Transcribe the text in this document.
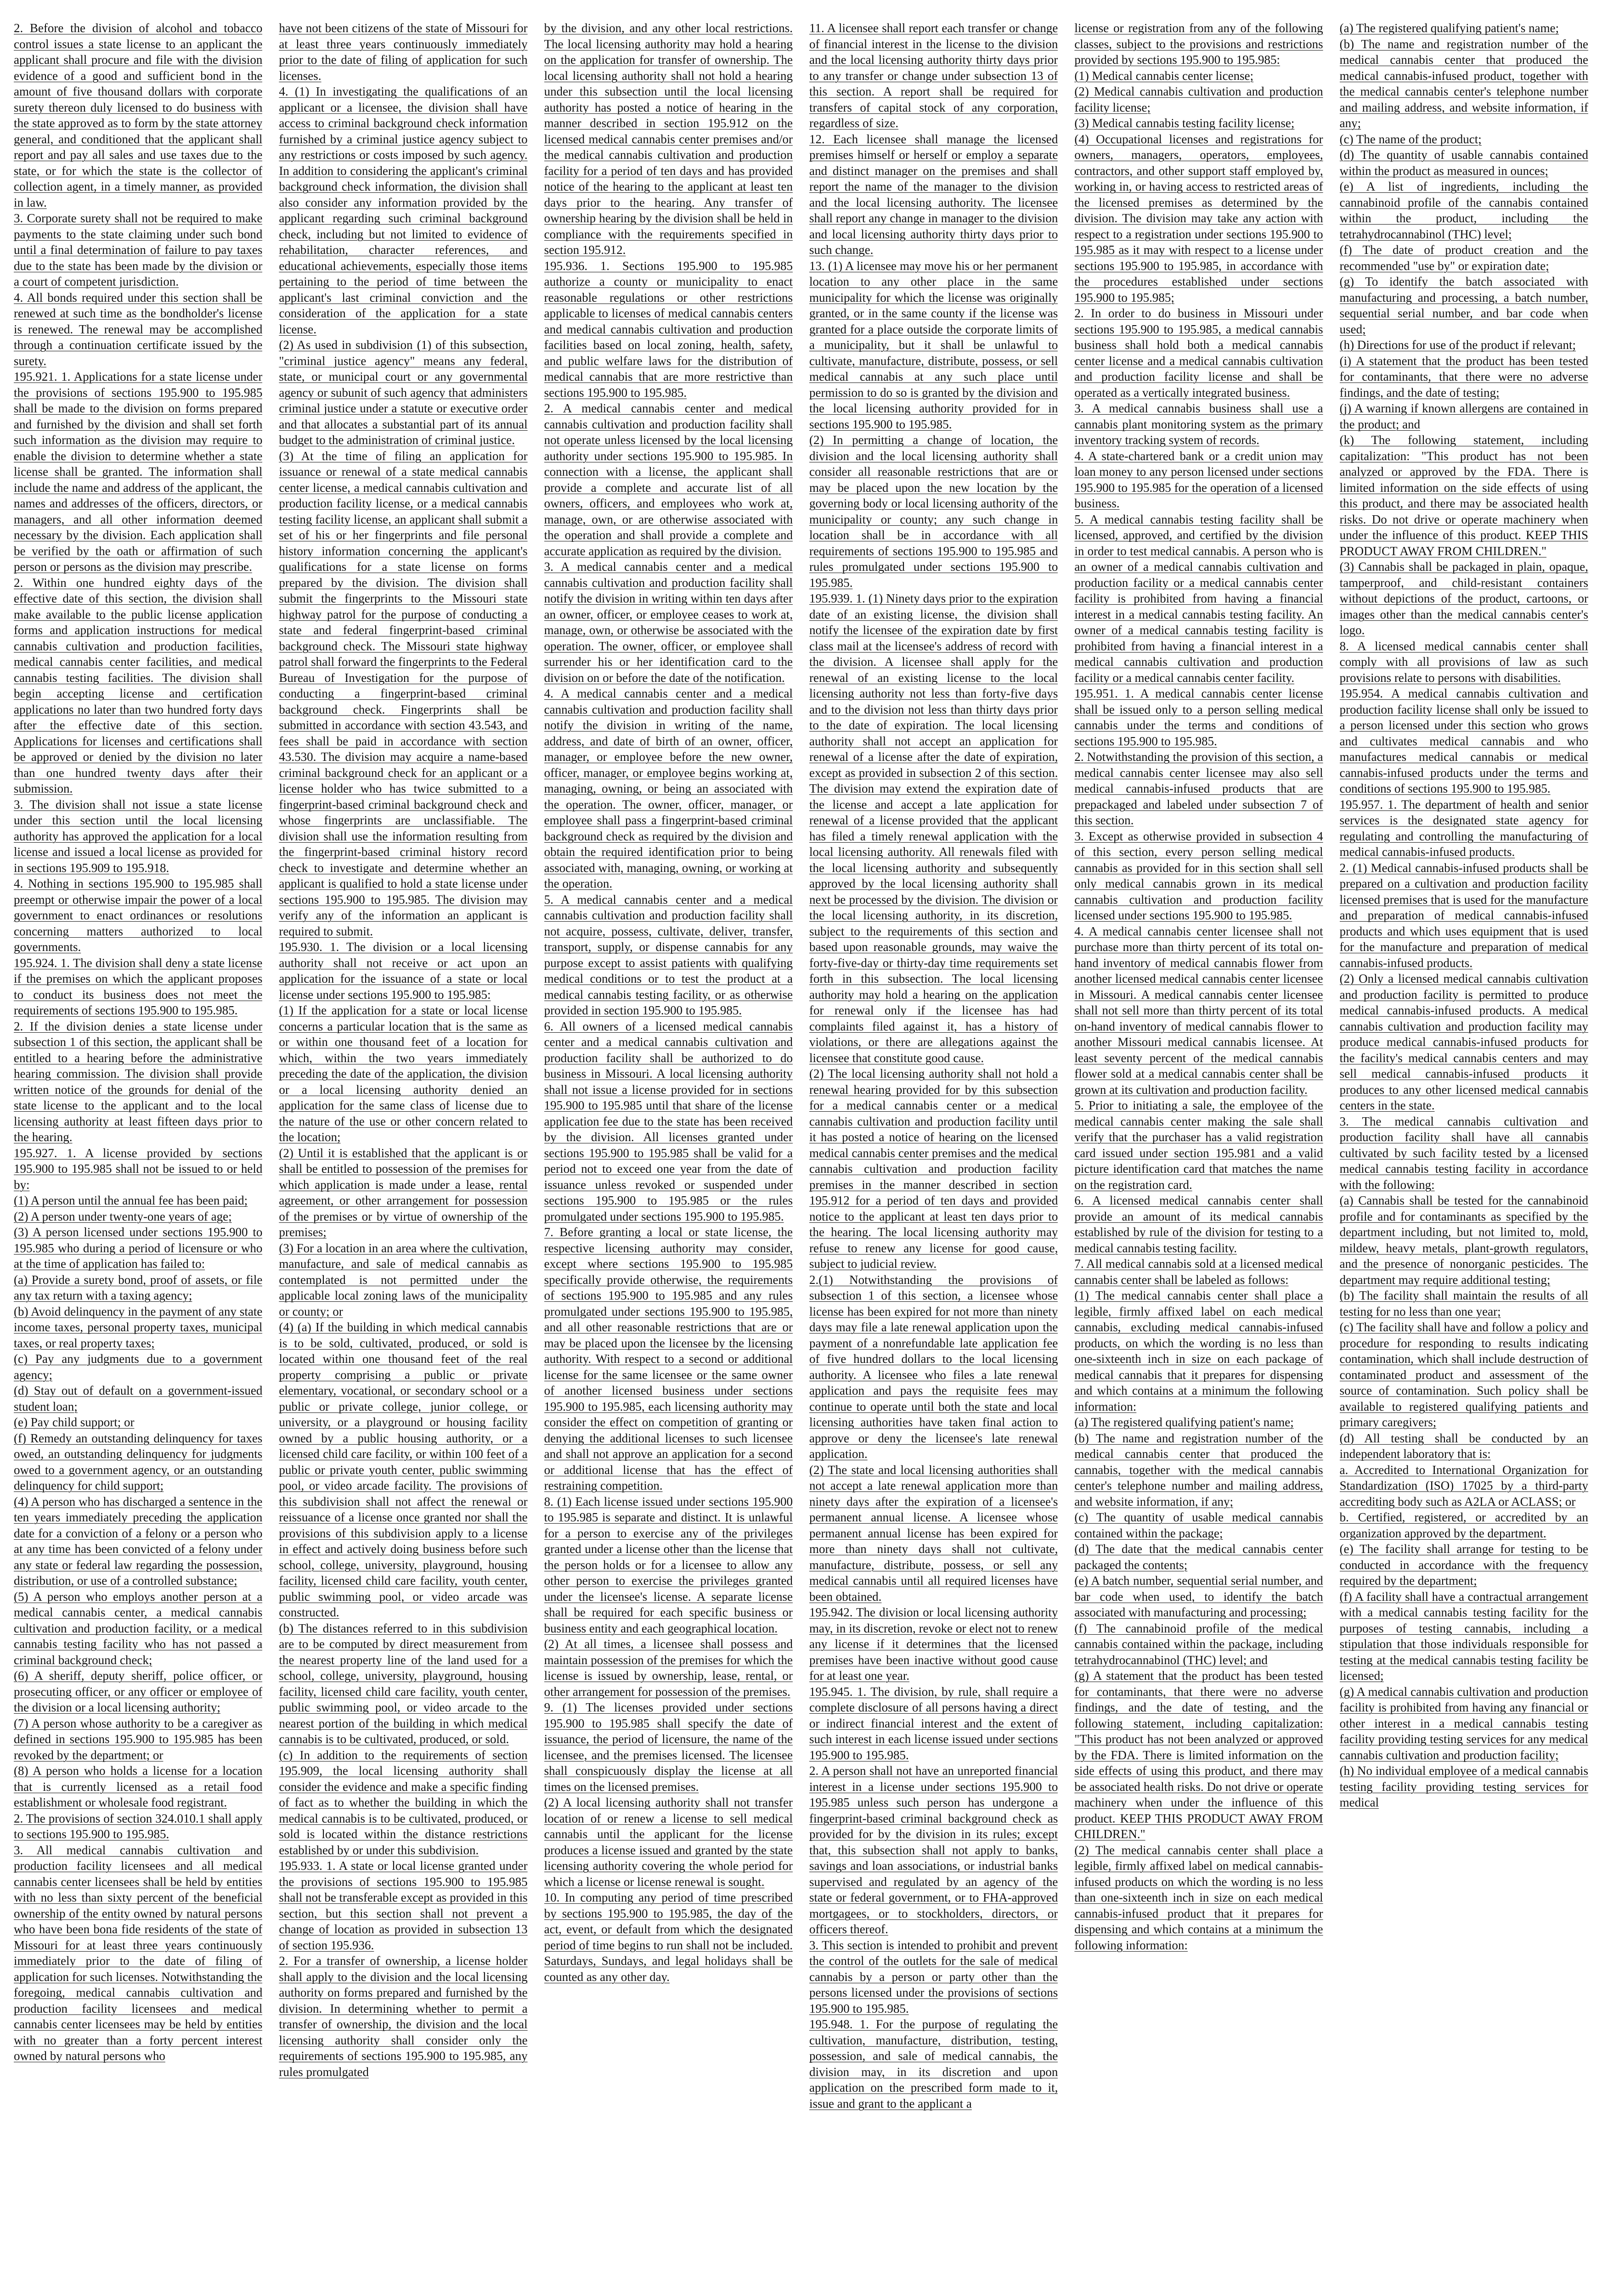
2. Before the division of alcohol and tobacco control issues a state license to an applicant the applicant shall procure and file with the division evidence of a good and sufficient bond in the amount of five thousand dollars with corporate surety thereon duly licensed to do business with the state approved as to form by the state attorney general, and conditioned that the applicant shall report and pay all sales and use taxes due to the state, or for which the state is the collector of collection agent, in a timely manner, as provided in law.

3. Corporate surety shall not be required to make payments to the state claiming under such bond until a final determination of failure to pay taxes due to the state has been made by the division or a court of competent jurisdiction.

4. All bonds required under this section shall be renewed at such time as the bondholder's license is renewed. The renewal may be accomplished through a continuation certificate issued by the surety.

195.921. 1. Applications for a state license under the provisions of sections 195.900 to 195.985 shall be made to the division on forms prepared and furnished by the division and shall set forth such information as the division may require to enable the division to determine whether a state license shall be granted. The information shall include the name and address of the applicant, the names and addresses of the officers, directors, or managers, and all other information deemed necessary by the division. Each application shall be verified by the oath or affirmation of such person or persons as the division may prescribe.

2. Within one hundred eighty days of the effective date of this section, the division shall make available to the public license application forms and application instructions for medical cannabis cultivation and production facilities, medical cannabis center facilities, and medical cannabis testing facilities. The division shall begin accepting license and certification applications no later than two hundred forty days after the effective date of this section. Applications for licenses and certifications shall be approved or denied by the division no later than one hundred twenty days after their submission.

3. The division shall not issue a state license under this section until the local licensing authority has approved the application for a local license and issued a local license as provided for in sections 195.909 to 195.918.

4. Nothing in sections 195.900 to 195.985 shall preempt or otherwise impair the power of a local government to enact ordinances or resolutions concerning matters authorized to local governments.

195.924. 1. The division shall deny a state license if the premises on which the applicant proposes to conduct its business does not meet the requirements of sections 195.900 to 195.985.

2. If the division denies a state license under subsection 1 of this section, the applicant shall be entitled to a hearing before the administrative hearing commission. The division shall provide written notice of the grounds for denial of the state license to the applicant and to the local licensing authority at least fifteen days prior to the hearing.

195.927. 1. A license provided by sections 195.900 to 195.985 shall not be issued to or held by:

(1) A person until the annual fee has been paid;

(2) A person under twenty-one years of age;

(3) A person licensed under sections 195.900 to 195.985 who during a period of licensure or who at the time of application has failed to:

(a) Provide a surety bond, proof of assets, or file any tax return with a taxing agency;

(b) Avoid delinquency in the payment of any state income taxes, personal property taxes, municipal taxes, or real property taxes;

(c) Pay any judgments due to a government agency;

(d) Stay out of default on a government-issued student loan;

(e) Pay child support; or

(f) Remedy an outstanding delinquency for taxes owed, an outstanding delinquency for judgments owed to a government agency, or an outstanding delinquency for child support;

(4) A person who has discharged a sentence in the ten years immediately preceding the application date for a conviction of a felony or a person who at any time has been convicted of a felony under any state or federal law regarding the possession, distribution, or use of a controlled substance;

(5) A person who employs another person at a medical cannabis center, a medical cannabis cultivation and production facility, or a medical cannabis testing facility who has not passed a criminal background check;

(6) A sheriff, deputy sheriff, police officer, or prosecuting officer, or any officer or employee of the division or a local licensing authority;

(7) A person whose authority to be a caregiver as defined in sections 195.900 to 195.985 has been revoked by the department; or

(8) A person who holds a license for a location that is currently licensed as a retail food establishment or wholesale food registrant.

2. The provisions of section 324.010.1 shall apply to sections 195.900 to 195.985.

3. All medical cannabis cultivation and production facility licensees and all medical cannabis center licensees shall be held by entities with no less than sixty percent of the beneficial ownership of the entity owned by natural persons who have been bona fide residents of the state of Missouri for at least three years continuously immediately prior to the date of filing of application for such licenses. Notwithstanding the foregoing, medical cannabis cultivation and production facility licensees and medical cannabis center licensees may be held by entities with no greater than a forty percent interest owned by natural persons who

have not been citizens of the state of Missouri for at least three years continuously immediately prior to the date of filing of application for such licenses.

4. (1) In investigating the qualifications of an applicant or a licensee, the division shall have access to criminal background check information furnished by a criminal justice agency subject to any restrictions or costs imposed by such agency. In addition to considering the applicant's criminal background check information, the division shall also consider any information provided by the applicant regarding such criminal background check, including but not limited to evidence of rehabilitation, character references, and educational achievements, especially those items pertaining to the period of time between the applicant's last criminal conviction and the consideration of the application for a state license.

(2) As used in subdivision (1) of this subsection, "criminal justice agency" means any federal, state, or municipal court or any governmental agency or subunit of such agency that administers criminal justice under a statute or executive order and that allocates a substantial part of its annual budget to the administration of criminal justice.

(3) At the time of filing an application for issuance or renewal of a state medical cannabis center license, a medical cannabis cultivation and production facility license, or a medical cannabis testing facility license, an applicant shall submit a set of his or her fingerprints and file personal history information concerning the applicant's qualifications for a state license on forms prepared by the division. The division shall submit the fingerprints to the Missouri state highway patrol for the purpose of conducting a state and federal fingerprint-based criminal background check. The Missouri state highway patrol shall forward the fingerprints to the Federal Bureau of Investigation for the purpose of conducting a fingerprint-based criminal background check. Fingerprints shall be submitted in accordance with section 43.543, and fees shall be paid in accordance with section 43.530. The division may acquire a name-based criminal background check for an applicant or a license holder who has twice submitted to a fingerprint-based criminal background check and whose fingerprints are unclassifiable. The division shall use the information resulting from the fingerprint-based criminal history record check to investigate and determine whether an applicant is qualified to hold a state license under sections 195.900 to 195.985. The division may verify any of the information an applicant is required to submit.

195.930. 1. The division or a local licensing authority shall not receive or act upon an application for the issuance of a state or local license under sections 195.900 to 195.985:

(1) If the application for a state or local license concerns a particular location that is the same as or within one thousand feet of a location for which, within the two years immediately preceding the date of the application, the division or a local licensing authority denied an application for the same class of license due to the nature of the use or other concern related to the location;

(2) Until it is established that the applicant is or shall be entitled to possession of the premises for which application is made under a lease, rental agreement, or other arrangement for possession of the premises or by virtue of ownership of the premises;

(3) For a location in an area where the cultivation, manufacture, and sale of medical cannabis as contemplated is not permitted under the applicable local zoning laws of the municipality or county; or

(4) (a) If the building in which medical cannabis is to be sold, cultivated, produced, or sold is located within one thousand feet of the real property comprising a public or private elementary, vocational, or secondary school or a public or private college, junior college, or university, or a playground or housing facility owned by a public housing authority, or a licensed child care facility, or within 100 feet of a public or private youth center, public swimming pool, or video arcade facility. The provisions of this subdivision shall not affect the renewal or reissuance of a license once granted nor shall the provisions of this subdivision apply to a license in effect and actively doing business before such school, college, university, playground, housing facility, licensed child care facility, youth center, public swimming pool, or video arcade was constructed.

(b) The distances referred to in this subdivision are to be computed by direct measurement from the nearest property line of the land used for a school, college, university, playground, housing facility, licensed child care facility, youth center, public swimming pool, or video arcade to the nearest portion of the building in which medical cannabis is to be cultivated, produced, or sold.

(c) In addition to the requirements of section 195.909, the local licensing authority shall consider the evidence and make a specific finding of fact as to whether the building in which the medical cannabis is to be cultivated, produced, or sold is located within the distance restrictions established by or under this subdivision.

195.933. 1. A state or local license granted under the provisions of sections 195.900 to 195.985 shall not be transferable except as provided in this section, but this section shall not prevent a change of location as provided in subsection 13 of section 195.936.

2. For a transfer of ownership, a license holder shall apply to the division and the local licensing authority on forms prepared and furnished by the division. In determining whether to permit a transfer of ownership, the division and the local licensing authority shall consider only the requirements of sections 195.900 to 195.985, any rules promulgated

by the division, and any other local restrictions. The local licensing authority may hold a hearing on the application for transfer of ownership. The local licensing authority shall not hold a hearing under this subsection until the local licensing authority has posted a notice of hearing in the manner described in section 195.912 on the licensed medical cannabis center premises and/or the medical cannabis cultivation and production facility for a period of ten days and has provided notice of the hearing to the applicant at least ten days prior to the hearing. Any transfer of ownership hearing by the division shall be held in compliance with the requirements specified in section 195.912.

195.936. 1. Sections 195.900 to 195.985 authorize a county or municipality to enact reasonable regulations or other restrictions applicable to licenses of medical cannabis centers and medical cannabis cultivation and production facilities based on local zoning, health, safety, and public welfare laws for the distribution of medical cannabis that are more restrictive than sections 195.900 to 195.985.

2. A medical cannabis center and medical cannabis cultivation and production facility shall not operate unless licensed by the local licensing authority under sections 195.900 to 195.985. In connection with a license, the applicant shall provide a complete and accurate list of all owners, officers, and employees who work at, manage, own, or are otherwise associated with the operation and shall provide a complete and accurate application as required by the division.

3. A medical cannabis center and a medical cannabis cultivation and production facility shall notify the division in writing within ten days after an owner, officer, or employee ceases to work at, manage, own, or otherwise be associated with the operation. The owner, officer, or employee shall surrender his or her identification card to the division on or before the date of the notification.

4. A medical cannabis center and a medical cannabis cultivation and production facility shall notify the division in writing of the name, address, and date of birth of an owner, officer, manager, or employee before the new owner, officer, manager, or employee begins working at, managing, owning, or being an associated with the operation. The owner, officer, manager, or employee shall pass a fingerprint-based criminal background check as required by the division and obtain the required identification prior to being associated with, managing, owning, or working at the operation.

5. A medical cannabis center and a medical cannabis cultivation and production facility shall not acquire, possess, cultivate, deliver, transfer, transport, supply, or dispense cannabis for any purpose except to assist patients with qualifying medical conditions or to test the product at a medical cannabis testing facility, or as otherwise provided in section 195.900 to 195.985.

6. All owners of a licensed medical cannabis center and a medical cannabis cultivation and production facility shall be authorized to do business in Missouri. A local licensing authority shall not issue a license provided for in sections 195.900 to 195.985 until that share of the license application fee due to the state has been received by the division. All licenses granted under sections 195.900 to 195.985 shall be valid for a period not to exceed one year from the date of issuance unless revoked or suspended under sections 195.900 to 195.985 or the rules promulgated under sections 195.900 to 195.985.

7. Before granting a local or state license, the respective licensing authority may consider, except where sections 195.900 to 195.985 specifically provide otherwise, the requirements of sections 195.900 to 195.985 and any rules promulgated under sections 195.900 to 195.985, and all other reasonable restrictions that are or may be placed upon the licensee by the licensing authority. With respect to a second or additional license for the same licensee or the same owner of another licensed business under sections 195.900 to 195.985, each licensing authority may consider the effect on competition of granting or denying the additional licenses to such licensee and shall not approve an application for a second or additional license that has the effect of restraining competition.

8. (1) Each license issued under sections 195.900 to 195.985 is separate and distinct. It is unlawful for a person to exercise any of the privileges granted under a license other than the license that the person holds or for a licensee to allow any other person to exercise the privileges granted under the licensee's license. A separate license shall be required for each specific business or business entity and each geographical location.

(2) At all times, a licensee shall possess and maintain possession of the premises for which the license is issued by ownership, lease, rental, or other arrangement for possession of the premises.

9. (1) The licenses provided under sections 195.900 to 195.985 shall specify the date of issuance, the period of licensure, the name of the licensee, and the premises licensed. The licensee shall conspicuously display the license at all times on the licensed premises.

(2) A local licensing authority shall not transfer location of or renew a license to sell medical cannabis until the applicant for the license produces a license issued and granted by the state licensing authority covering the whole period for which a license or license renewal is sought.

10. In computing any period of time prescribed by sections 195.900 to 195.985, the day of the act, event, or default from which the designated period of time begins to run shall not be included. Saturdays, Sundays, and legal holidays shall be counted as any other day.

11. A licensee shall report each transfer or change of financial interest in the license to the division and the local licensing authority thirty days prior to any transfer or change under subsection 13 of this section. A report shall be required for transfers of capital stock of any corporation, regardless of size.

12. Each licensee shall manage the licensed premises himself or herself or employ a separate and distinct manager on the premises and shall report the name of the manager to the division and the local licensing authority. The licensee shall report any change in manager to the division and local licensing authority thirty days prior to such change.

13. (1) A licensee may move his or her permanent location to any other place in the same municipality for which the license was originally granted, or in the same county if the license was granted for a place outside the corporate limits of a municipality, but it shall be unlawful to cultivate, manufacture, distribute, possess, or sell medical cannabis at any such place until permission to do so is granted by the division and the local licensing authority provided for in sections 195.900 to 195.985.

(2) In permitting a change of location, the division and the local licensing authority shall consider all reasonable restrictions that are or may be placed upon the new location by the governing body or local licensing authority of the municipality or county; any such change in location shall be in accordance with all requirements of sections 195.900 to 195.985 and rules promulgated under sections 195.900 to 195.985.

195.939. 1. (1) Ninety days prior to the expiration date of an existing license, the division shall notify the licensee of the expiration date by first class mail at the licensee's address of record with the division. A licensee shall apply for the renewal of an existing license to the local licensing authority not less than forty-five days and to the division not less than thirty days prior to the date of expiration. The local licensing authority shall not accept an application for renewal of a license after the date of expiration, except as provided in subsection 2 of this section. The division may extend the expiration date of the license and accept a late application for renewal of a license provided that the applicant has filed a timely renewal application with the local licensing authority. All renewals filed with the local licensing authority and subsequently approved by the local licensing authority shall next be processed by the division. The division or the local licensing authority, in its discretion, subject to the requirements of this section and based upon reasonable grounds, may waive the forty-five-day or thirty-day time requirements set forth in this subsection. The local licensing authority may hold a hearing on the application for renewal only if the licensee has had complaints filed against it, has a history of violations, or there are allegations against the licensee that constitute good cause.

(2) The local licensing authority shall not hold a renewal hearing provided for by this subsection for a medical cannabis center or a medical cannabis cultivation and production facility until it has posted a notice of hearing on the licensed medical cannabis center premises and the medical cannabis cultivation and production facility premises in the manner described in section 195.912 for a period of ten days and provided notice to the applicant at least ten days prior to the hearing. The local licensing authority may refuse to renew any license for good cause, subject to judicial review.

2.(1) Notwithstanding the provisions of subsection 1 of this section, a licensee whose license has been expired for not more than ninety days may file a late renewal application upon the payment of a nonrefundable late application fee of five hundred dollars to the local licensing authority. A licensee who files a late renewal application and pays the requisite fees may continue to operate until both the state and local licensing authorities have taken final action to approve or deny the licensee's late renewal application.

(2) The state and local licensing authorities shall not accept a late renewal application more than ninety days after the expiration of a licensee's permanent annual license. A licensee whose permanent annual license has been expired for more than ninety days shall not cultivate, manufacture, distribute, possess, or sell any medical cannabis until all required licenses have been obtained.

195.942. The division or local licensing authority may, in its discretion, revoke or elect not to renew any license if it determines that the licensed premises have been inactive without good cause for at least one year.

195.945. 1. The division, by rule, shall require a complete disclosure of all persons having a direct or indirect financial interest and the extent of such interest in each license issued under sections 195.900 to 195.985.

2. A person shall not have an unreported financial interest in a license under sections 195.900 to 195.985 unless such person has undergone a fingerprint-based criminal background check as provided for by the division in its rules; except that, this subsection shall not apply to banks, savings and loan associations, or industrial banks supervised and regulated by an agency of the state or federal government, or to FHA-approved mortgagees, or to stockholders, directors, or officers thereof.

3. This section is intended to prohibit and prevent the control of the outlets for the sale of medical cannabis by a person or party other than the persons licensed under the provisions of sections 195.900 to 195.985.

195.948. 1. For the purpose of regulating the cultivation, manufacture, distribution, testing, possession, and sale of medical cannabis, the division may, in its discretion and upon application on the prescribed form made to it, issue and grant to the applicant a

license or registration from any of the following classes, subject to the provisions and restrictions provided by sections 195.900 to 195.985:

(1) Medical cannabis center license;

(2) Medical cannabis cultivation and production facility license;

(3) Medical cannabis testing facility license;

(4) Occupational licenses and registrations for owners, managers, operators, employees, contractors, and other support staff employed by, working in, or having access to restricted areas of the licensed premises as determined by the division. The division may take any action with respect to a registration under sections 195.900 to 195.985 as it may with respect to a license under sections 195.900 to 195.985, in accordance with the procedures established under sections 195.900 to 195.985;

2. In order to do business in Missouri under sections 195.900 to 195.985, a medical cannabis business shall hold both a medical cannabis center license and a medical cannabis cultivation and production facility license and shall be operated as a vertically integrated business.

3. A medical cannabis business shall use a cannabis plant monitoring system as the primary inventory tracking system of records.

4. A state-chartered bank or a credit union may loan money to any person licensed under sections 195.900 to 195.985 for the operation of a licensed business.

5. A medical cannabis testing facility shall be licensed, approved, and certified by the division in order to test medical cannabis. A person who is an owner of a medical cannabis cultivation and production facility or a medical cannabis center facility is prohibited from having a financial interest in a medical cannabis testing facility. An owner of a medical cannabis testing facility is prohibited from having a financial interest in a medical cannabis cultivation and production facility or a medical cannabis center facility.

195.951. 1. A medical cannabis center license shall be issued only to a person selling medical cannabis under the terms and conditions of sections 195.900 to 195.985.

2. Notwithstanding the provision of this section, a medical cannabis center licensee may also sell medical cannabis-infused products that are prepackaged and labeled under subsection 7 of this section.

3. Except as otherwise provided in subsection 4 of this section, every person selling medical cannabis as provided for in this section shall sell only medical cannabis grown in its medical cannabis cultivation and production facility licensed under sections 195.900 to 195.985.

4. A medical cannabis center licensee shall not purchase more than thirty percent of its total on-hand inventory of medical cannabis flower from another licensed medical cannabis center licensee in Missouri. A medical cannabis center licensee shall not sell more than thirty percent of its total on-hand inventory of medical cannabis flower to another Missouri medical cannabis licensee. At least seventy percent of the medical cannabis flower sold at a medical cannabis center shall be grown at its cultivation and production facility.

5. Prior to initiating a sale, the employee of the medical cannabis center making the sale shall verify that the purchaser has a valid registration card issued under section 195.981 and a valid picture identification card that matches the name on the registration card.

6. A licensed medical cannabis center shall provide an amount of its medical cannabis established by rule of the division for testing to a medical cannabis testing facility.

7. All medical cannabis sold at a licensed medical cannabis center shall be labeled as follows:

(1) The medical cannabis center shall place a legible, firmly affixed label on each medical cannabis, excluding medical cannabis-infused products, on which the wording is no less than one-sixteenth inch in size on each package of medical cannabis that it prepares for dispensing and which contains at a minimum the following information:

(a) The registered qualifying patient's name;

(b) The name and registration number of the medical cannabis center that produced the cannabis, together with the medical cannabis center's telephone number and mailing address, and website information, if any;

(c) The quantity of usable medical cannabis contained within the package;

(d) The date that the medical cannabis center packaged the contents;

(e) A batch number, sequential serial number, and bar code when used, to identify the batch associated with manufacturing and processing;

(f) The cannabinoid profile of the medical cannabis contained within the package, including tetrahydrocannabinol (THC) level; and

(g) A statement that the product has been tested for contaminants, that there were no adverse findings, and the date of testing, and the following statement, including capitalization: "This product has not been analyzed or approved by the FDA. There is limited information on the side effects of using this product, and there may be associated health risks. Do not drive or operate machinery when under the influence of this product. KEEP THIS PRODUCT AWAY FROM CHILDREN."

(2) The medical cannabis center shall place a legible, firmly affixed label on medical cannabis-infused products on which the wording is no less than one-sixteenth inch in size on each medical cannabis-infused product that it prepares for dispensing and which contains at a minimum the following information:

(a) The registered qualifying patient's name;

(b) The name and registration number of the medical cannabis center that produced the medical cannabis-infused product, together with the medical cannabis center's telephone number and mailing address, and website information, if any;

(c) The name of the product;

(d) The quantity of usable cannabis contained within the product as measured in ounces;

(e) A list of ingredients, including the cannabinoid profile of the cannabis contained within the product, including the tetrahydrocannabinol (THC) level;

(f) The date of product creation and the recommended "use by" or expiration date;

(g) To identify the batch associated with manufacturing and processing, a batch number, sequential serial number, and bar code when used;

(h) Directions for use of the product if relevant;

(i) A statement that the product has been tested for contaminants, that there were no adverse findings, and the date of testing;

(j) A warning if known allergens are contained in the product; and

(k) The following statement, including capitalization: "This product has not been analyzed or approved by the FDA. There is limited information on the side effects of using this product, and there may be associated health risks. Do not drive or operate machinery when under the influence of this product. KEEP THIS PRODUCT AWAY FROM CHILDREN."

(3) Cannabis shall be packaged in plain, opaque, tamperproof, and child-resistant containers without depictions of the product, cartoons, or images other than the medical cannabis center's logo.

8. A licensed medical cannabis center shall comply with all provisions of law as such provisions relate to persons with disabilities.

195.954. A medical cannabis cultivation and production facility license shall only be issued to a person licensed under this section who grows and cultivates medical cannabis and who manufactures medical cannabis or medical cannabis-infused products under the terms and conditions of sections 195.900 to 195.985.

195.957. 1. The department of health and senior services is the designated state agency for regulating and controlling the manufacturing of medical cannabis-infused products.

2. (1) Medical cannabis-infused products shall be prepared on a cultivation and production facility licensed premises that is used for the manufacture and preparation of medical cannabis-infused products and which uses equipment that is used for the manufacture and preparation of medical cannabis-infused products.

(2) Only a licensed medical cannabis cultivation and production facility is permitted to produce medical cannabis-infused products. A medical cannabis cultivation and production facility may produce medical cannabis-infused products for the facility's medical cannabis centers and may sell medical cannabis-infused products it produces to any other licensed medical cannabis centers in the state.

3. The medical cannabis cultivation and production facility shall have all cannabis cultivated by such facility tested by a licensed medical cannabis testing facility in accordance with the following:

(a) Cannabis shall be tested for the cannabinoid profile and for contaminants as specified by the department including, but not limited to, mold, mildew, heavy metals, plant-growth regulators, and the presence of nonorganic pesticides. The department may require additional testing;

(b) The facility shall maintain the results of all testing for no less than one year;

(c) The facility shall have and follow a policy and procedure for responding to results indicating contamination, which shall include destruction of contaminated product and assessment of the source of contamination. Such policy shall be available to registered qualifying patients and primary caregivers;

(d) All testing shall be conducted by an independent laboratory that is:

a. Accredited to International Organization for Standardization (ISO) 17025 by a third-party accrediting body such as A2LA or ACLASS; or

b. Certified, registered, or accredited by an organization approved by the department.

(e) The facility shall arrange for testing to be conducted in accordance with the frequency required by the department;

(f) A facility shall have a contractual arrangement with a medical cannabis testing facility for the purposes of testing cannabis, including a stipulation that those individuals responsible for testing at the medical cannabis testing facility be licensed;

(g) A medical cannabis cultivation and production facility is prohibited from having any financial or other interest in a medical cannabis testing facility providing testing services for any medical cannabis cultivation and production facility;

(h) No individual employee of a medical cannabis testing facility providing testing services for medical
